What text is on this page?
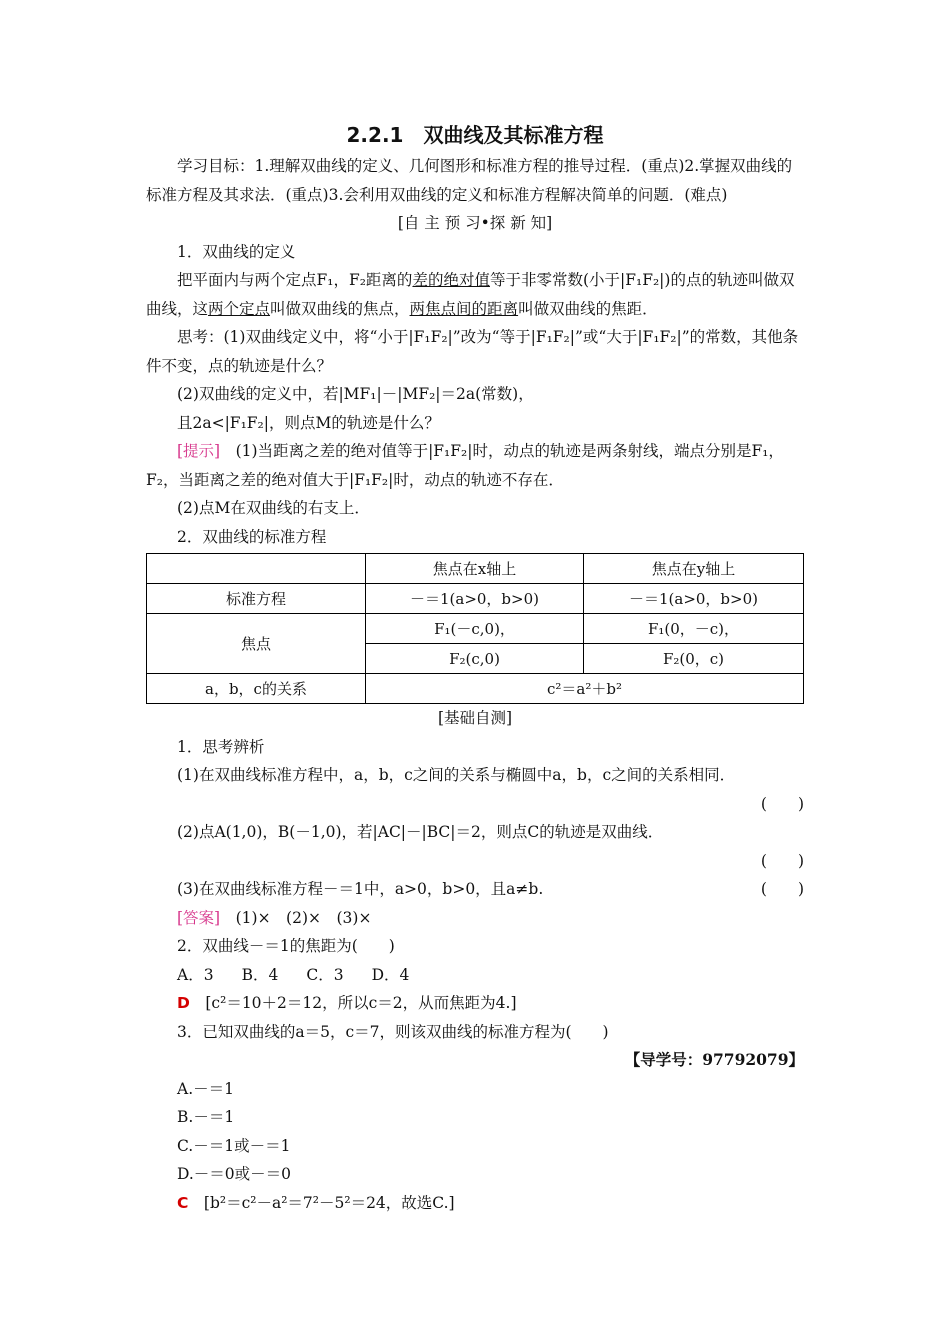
2.2.1　双曲线及其标准方程

学习目标：1.理解双曲线的定义、几何图形和标准方程的推导过程．(重点)2.掌握双曲线的标准方程及其求法．(重点)3.会利用双曲线的定义和标准方程解决简单的问题．(难点)

[自 主 预 习•探 新 知]

1．双曲线的定义

把平面内与两个定点F₁，F₂距离的差的绝对值等于非零常数(小于|F₁F₂|)的点的轨迹叫做双曲线，这两个定点叫做双曲线的焦点，两焦点间的距离叫做双曲线的焦距．

思考：(1)双曲线定义中，将“小于|F₁F₂|”改为“等于|F₁F₂|”或“大于|F₁F₂|”的常数，其他条件不变，点的轨迹是什么？

(2)双曲线的定义中，若|MF₁|－|MF₂|＝2a(常数)，

且2a<|F₁F₂|，则点M的轨迹是什么？

[提示]　(1)当距离之差的绝对值等于|F₁F₂|时，动点的轨迹是两条射线，端点分别是F₁，F₂，当距离之差的绝对值大于|F₁F₂|时，动点的轨迹不存在．

(2)点M在双曲线的右支上．

2．双曲线的标准方程

	焦点在x轴上	焦点在y轴上
标准方程	－＝1(a>0，b>0)	－＝1(a>0，b>0)
焦点	F₁(－c,0)，	F₁(0，－c)，
	F₂(c,0)	F₂(0，c)
a，b，c的关系	c²＝a²＋b²	

[基础自测]

1．思考辨析

(1)在双曲线标准方程中，a，b，c之间的关系与椭圆中a，b，c之间的关系相同．

(　　)

(2)点A(1,0)，B(－1,0)，若|AC|－|BC|＝2，则点C的轨迹是双曲线．

(　　)

(3)在双曲线标准方程－＝1中，a>0，b>0，且a≠b.	(　　)

[答案]　(1)×　(2)×　(3)×

2．双曲线－＝1的焦距为(　　)

A．3 B．4 C．3 D．4

D　[c²＝10＋2＝12，所以c＝2，从而焦距为4.]

3．已知双曲线的a＝5，c＝7，则该双曲线的标准方程为(　　)

【导学号：97792079】

A.－＝1

B.－＝1

C.－＝1或－＝1

D.－＝0或－＝0

C　[b²＝c²－a²＝7²－5²＝24，故选C.]
